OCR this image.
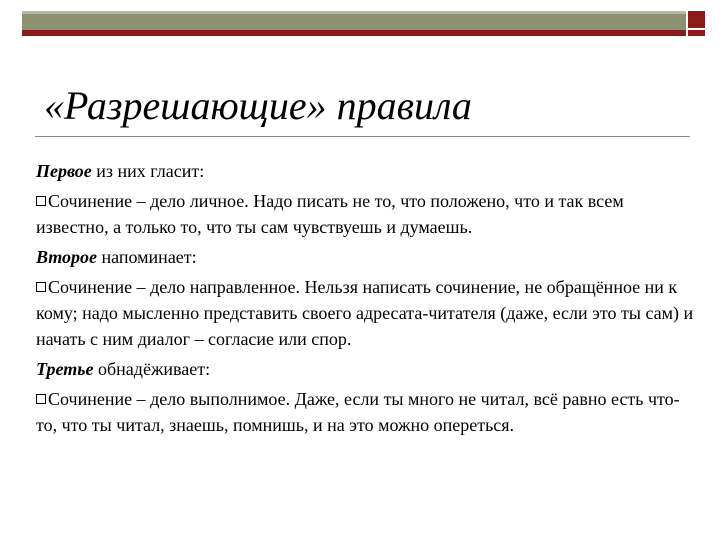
«Разрешающие» правила

Первое из них гласит:

Сочинение – дело личное. Надо писать не то, что положено, что и так всем известно, а только то, что ты сам чувствуешь и думаешь.

Второе напоминает:

Сочинение – дело направленное. Нельзя написать сочинение, не обращённое ни к кому; надо мысленно представить своего адресата-читателя (даже, если это ты сам) и начать с ним диалог – согласие или спор.

Третье обнадёживает:

Сочинение – дело выполнимое. Даже, если ты много не читал, всё равно есть что-то, что ты читал, знаешь, помнишь, и на это можно опереться.
